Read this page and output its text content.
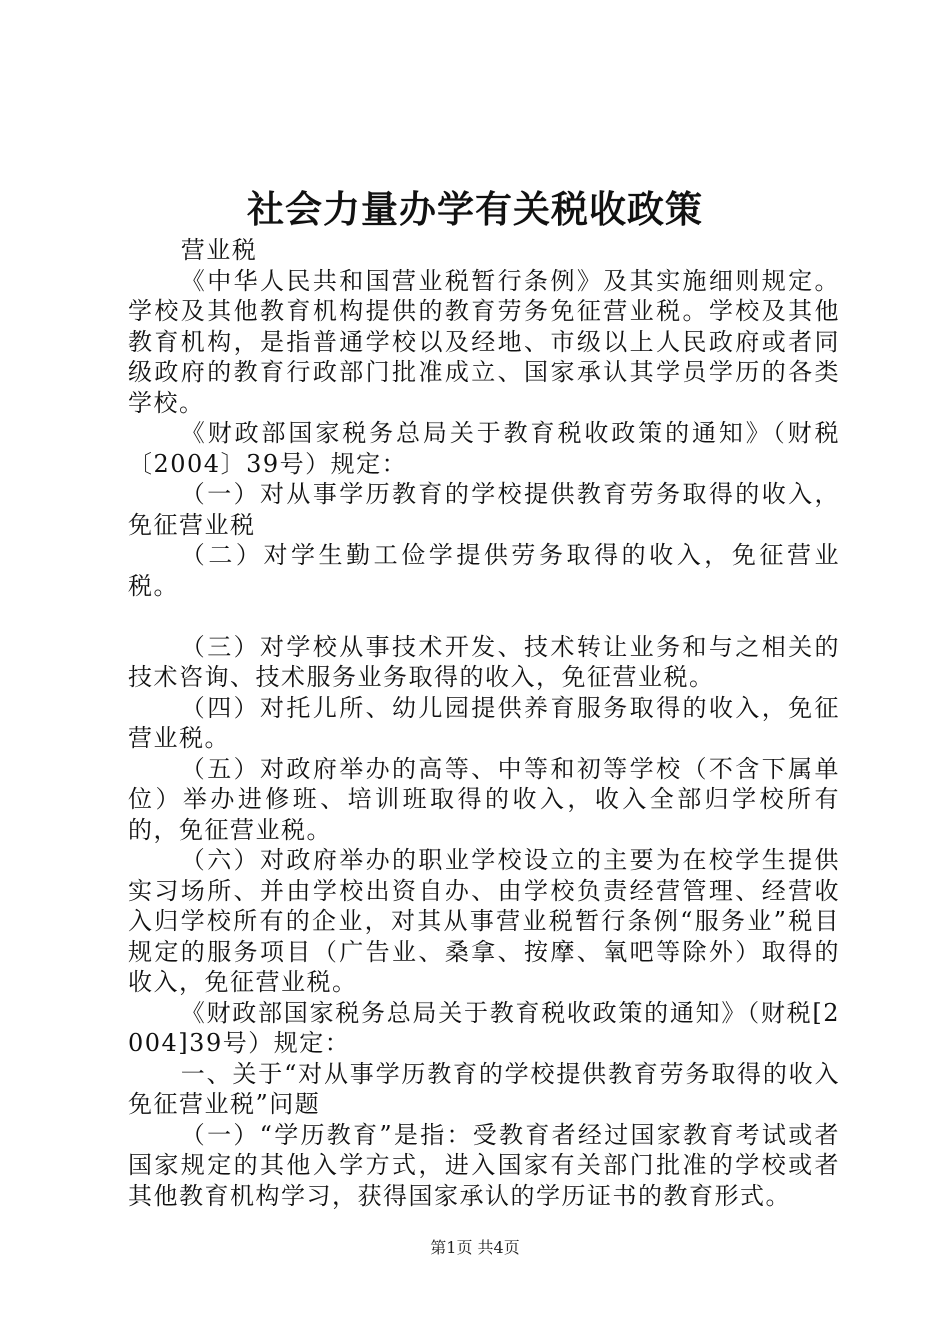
社会力量办学有关税收政策

营业税

《中华人民共和国营业税暂行条例》及其实施细则规定。学校及其他教育机构提供的教育劳务免征营业税。学校及其他教育机构，是指普通学校以及经地、市级以上人民政府或者同级政府的教育行政部门批准成立、国家承认其学员学历的各类学校。

《财政部国家税务总局关于教育税收政策的通知》（财税〔2004〕39号）规定：

（一）对从事学历教育的学校提供教育劳务取得的收入，免征营业税

（二）对学生勤工俭学提供劳务取得的收入，免征营业税。

（三）对学校从事技术开发、技术转让业务和与之相关的技术咨询、技术服务业务取得的收入，免征营业税。

（四）对托儿所、幼儿园提供养育服务取得的收入，免征营业税。

（五）对政府举办的高等、中等和初等学校（不含下属单位）举办进修班、培训班取得的收入，收入全部归学校所有的，免征营业税。

（六）对政府举办的职业学校设立的主要为在校学生提供实习场所、并由学校出资自办、由学校负责经营管理、经营收入归学校所有的企业，对其从事营业税暂行条例“服务业”税目规定的服务项目（广告业、桑拿、按摩、氧吧等除外）取得的收入，免征营业税。

《财政部国家税务总局关于教育税收政策的通知》（财税[2004]39号）规定：

一、关于“对从事学历教育的学校提供教育劳务取得的收入免征营业税”问题

（一）“学历教育”是指：受教育者经过国家教育考试或者国家规定的其他入学方式，进入国家有关部门批准的学校或者其他教育机构学习，获得国家承认的学历证书的教育形式。

第1页 共4页
